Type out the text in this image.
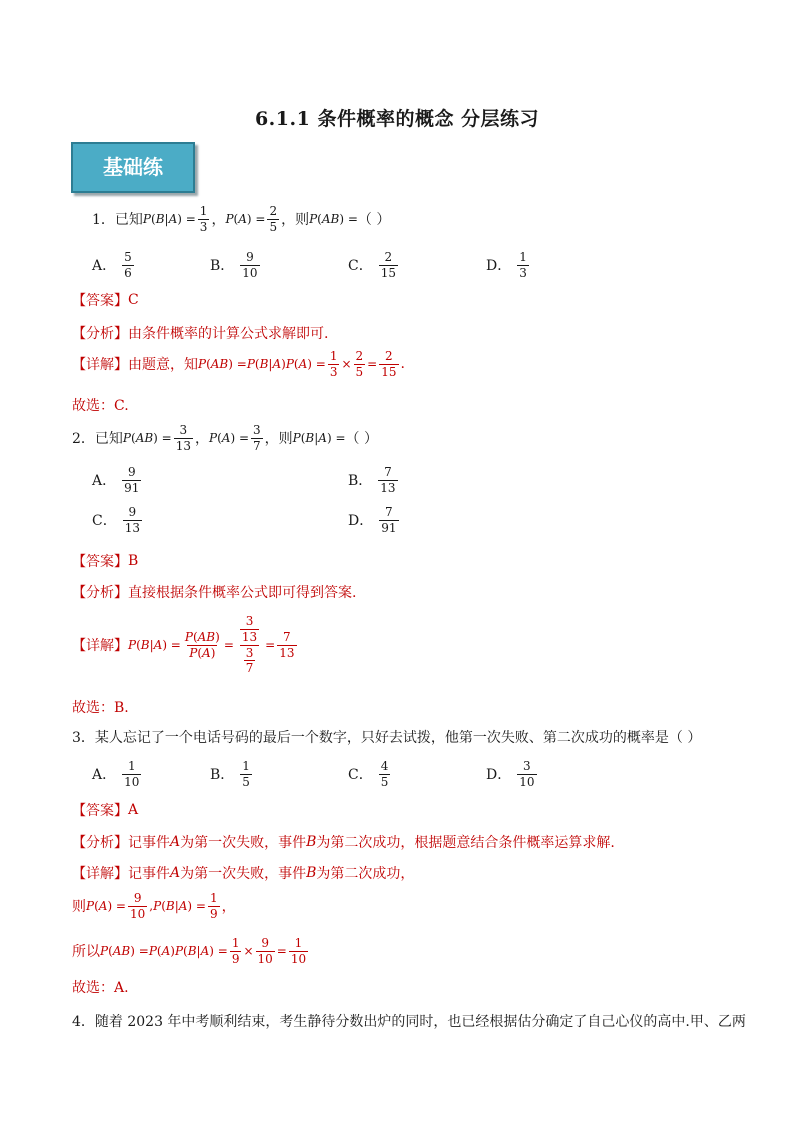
6.1.1 条件概率的概念 分层练习
基础练
1．已知 P ( B | A ) = $\frac{1}{3}$ ， P ( A ) = $\frac{2}{5}$ ，则 P ( AB ) = （ ）
A． $\frac{5}{6}$	B． $\frac{9}{10}$	C． $\frac{2}{15}$	D． $\frac{1}{3}$
【答案】 C
【分析】 由条件概率的计算公式求解即可.
【详解】 由题意，知 P ( AB ) = P ( B | A ) P ( A ) = $\frac{1}{3} \times \frac{2}{5} = \frac{2}{15}$ .
故选：C.
2．已知 P ( AB ) = $\frac{3}{13}$ ， P ( A ) = $\frac{3}{7}$ ，则 P ( B | A ) = （ ）
A． $\frac{9}{91}$	B． $\frac{7}{13}$
C． $\frac{9}{13}$	D． $\frac{7}{91}$
【答案】 B
【分析】 直接根据条件概率公式即可得到答案.
【详解】 P ( B | A ) = $\frac{P(AB)}{P(A)} = \frac{\frac{3}{13}}{\frac{3}{7}} = \frac{7}{13}$
故选：B.
3．某人忘记了一个电话号码的最后一个数字，只好去试拨，他第一次失败、第二次成功的概率是（ ）
A． $\frac{1}{10}$	B． $\frac{1}{5}$	C． $\frac{4}{5}$	D． $\frac{3}{10}$
【答案】 A
【分析】 记事件 A 为第一次失败，事件 B 为第二次成功，根据题意结合条件概率运算求解.
【详解】 记事件 A 为第一次失败，事件 B 为第二次成功，
则 P ( A ) = $\frac{9}{10}$ , P ( B | A ) = $\frac{1}{9}$ ，
所以 P ( AB ) = P ( A ) P ( B | A ) = $\frac{1}{9} \times \frac{9}{10} = \frac{1}{10}$
故选：A.
4．随着 2023 年中考顺利结束，考生静待分数出炉的同时，也已经根据估分确定了自己心仪的高中.甲、乙两
